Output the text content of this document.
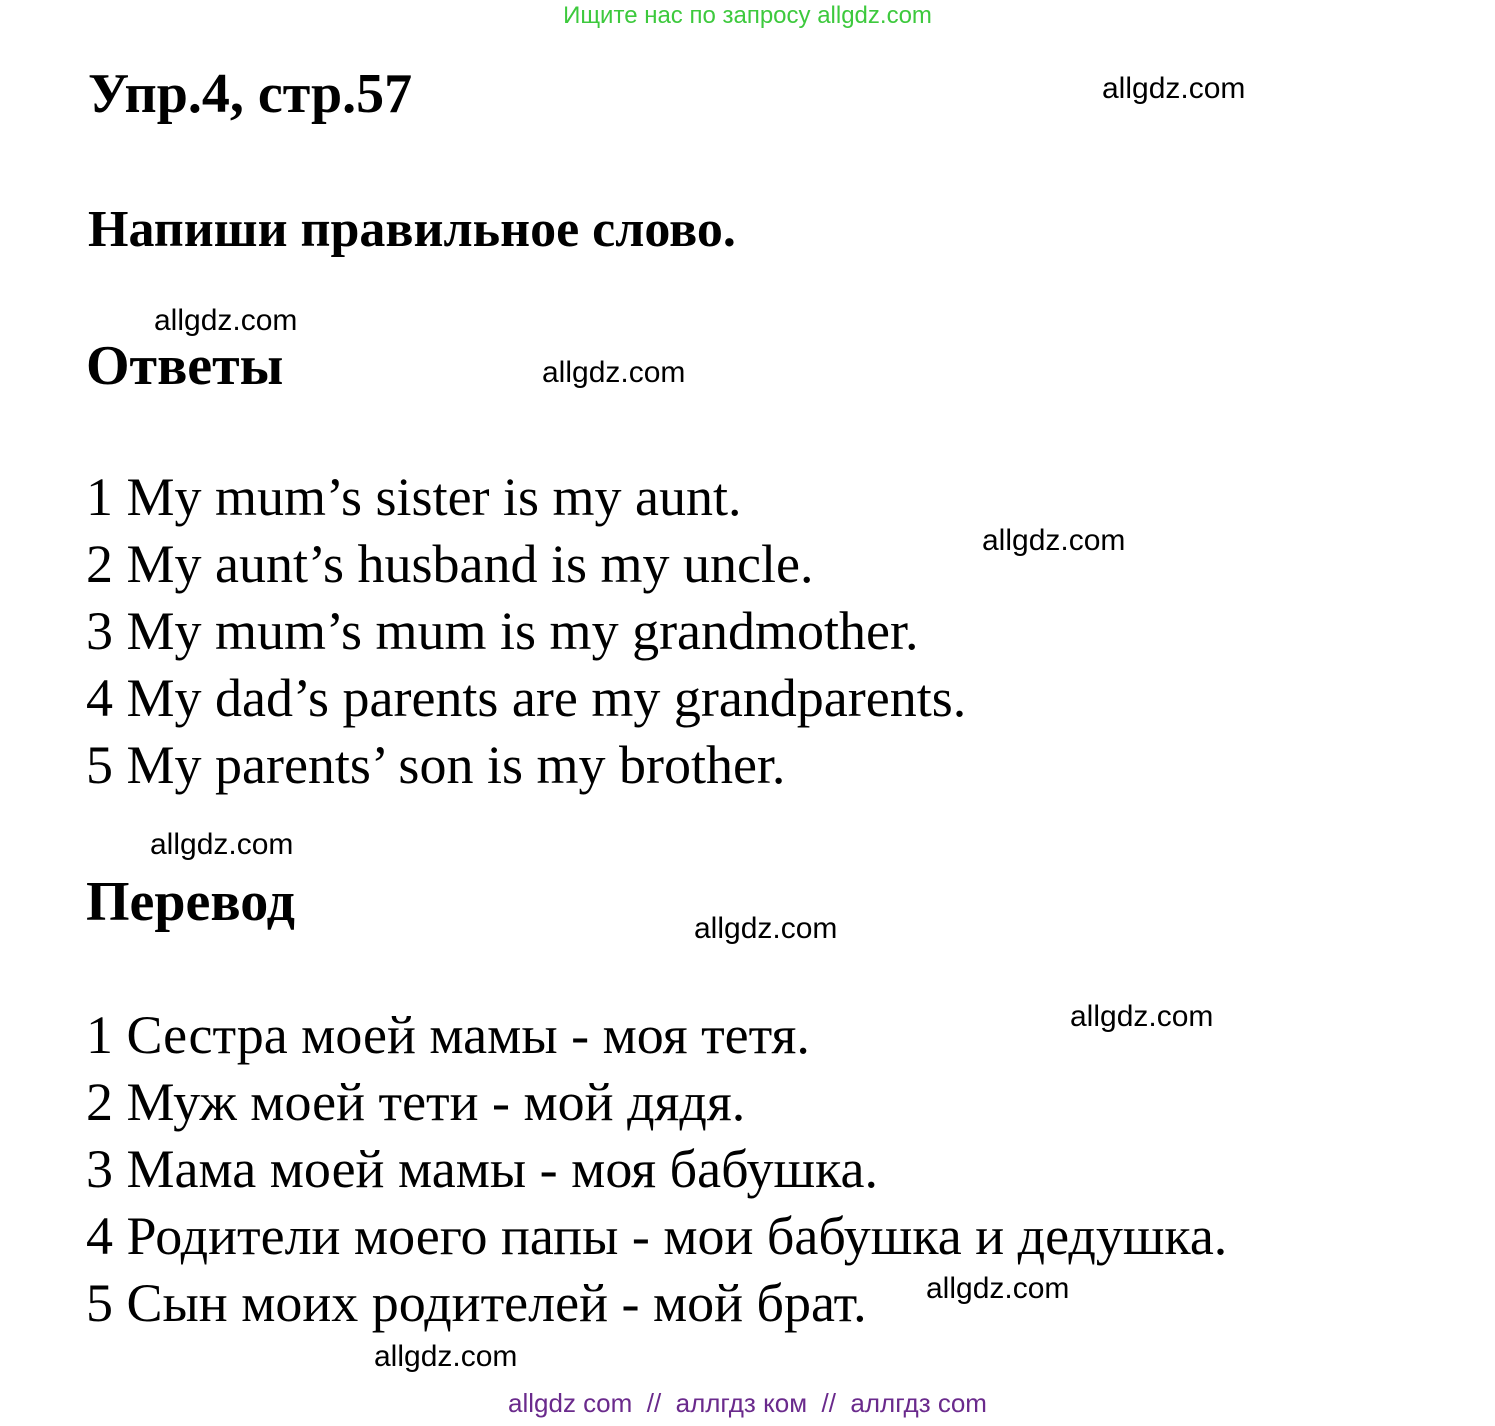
Ищите нас по запросу allgdz.com
Упр.4, стр.57
Напиши правильное слово.
Ответы
1 My mum’s sister is my aunt.
2 My aunt’s husband is my uncle.
3 My mum’s mum is my grandmother.
4 My dad’s parents are my grandparents.
5 My parents’ son is my brother.
Перевод
1 Сестра моей мамы - моя тетя.
2 Муж моей тети - мой дядя.
3 Мама моей мамы - моя бабушка.
4 Родители моего папы - мои бабушка и дедушка.
5 Сын моих родителей - мой брат.
allgdz.com
allgdz.com
allgdz.com
allgdz.com
allgdz.com
allgdz.com
allgdz.com
allgdz.com
allgdz.com
allgdz com  //  аллгдз ком  //  аллгдз com
